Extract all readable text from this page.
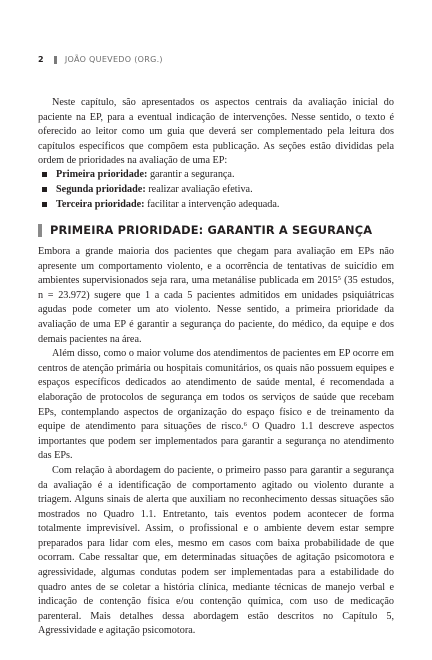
2	JOÃO QUEVEDO (ORG.)

Neste capítulo, são apresentados os aspectos centrais da avaliação inicial do paciente na EP, para a eventual indicação de intervenções. Nesse sentido, o texto é oferecido ao leitor como um guia que deverá ser complementado pela leitura dos capítulos específicos que compõem esta publicação. As seções estão divididas pela ordem de prioridades na avaliação de uma EP:

Primeira prioridade: garantir a segurança.
Segunda prioridade: realizar avaliação efetiva.
Terceira prioridade: facilitar a intervenção adequada.
PRIMEIRA PRIORIDADE: GARANTIR A SEGURANÇA

Embora a grande maioria dos pacientes que chegam para avaliação em EPs não apresente um comportamento violento, e a ocorrência de tentativas de suicídio em ambientes supervisionados seja rara, uma metanálise publicada em 2015$^5$ (35 estudos, n = 23.972) sugere que 1 a cada 5 pacientes admitidos em unidades psiquiátricas agudas pode cometer um ato violento. Nesse sentido, a primeira prioridade da avaliação de uma EP é garantir a segurança do paciente, do médico, da equipe e dos demais pacientes na área.

Além disso, como o maior volume dos atendimentos de pacientes em EP ocorre em centros de atenção primária ou hospitais comunitários, os quais não possuem equipes e espaços específicos dedicados ao atendimento de saúde mental, é recomendada a elaboração de protocolos de segurança em todos os serviços de saúde que recebam EPs, contemplando aspectos de organização do espaço físico e de treinamento da equipe de atendimento para situações de risco.$^6$ O Quadro 1.1 descreve aspectos importantes que podem ser implementados para garantir a segurança no atendimento das EPs.

Com relação à abordagem do paciente, o primeiro passo para garantir a segurança da avaliação é a identificação de comportamento agitado ou violento durante a triagem. Alguns sinais de alerta que auxiliam no reconhecimento dessas situações são mostrados no Quadro 1.1. Entretanto, tais eventos podem acontecer de forma totalmente imprevisível. Assim, o profissional e o ambiente devem estar sempre preparados para lidar com eles, mesmo em casos com baixa probabilidade de que ocorram. Cabe ressaltar que, em determinadas situações de agitação psicomotora e agressividade, algumas condutas podem ser implementadas para a estabilidade do quadro antes de se coletar a história clínica, mediante técnicas de manejo verbal e indicação de contenção física e/ou contenção química, com uso de medicação parenteral. Mais detalhes dessa abordagem estão descritos no Capítulo 5, Agressividade e agitação psicomotora.
